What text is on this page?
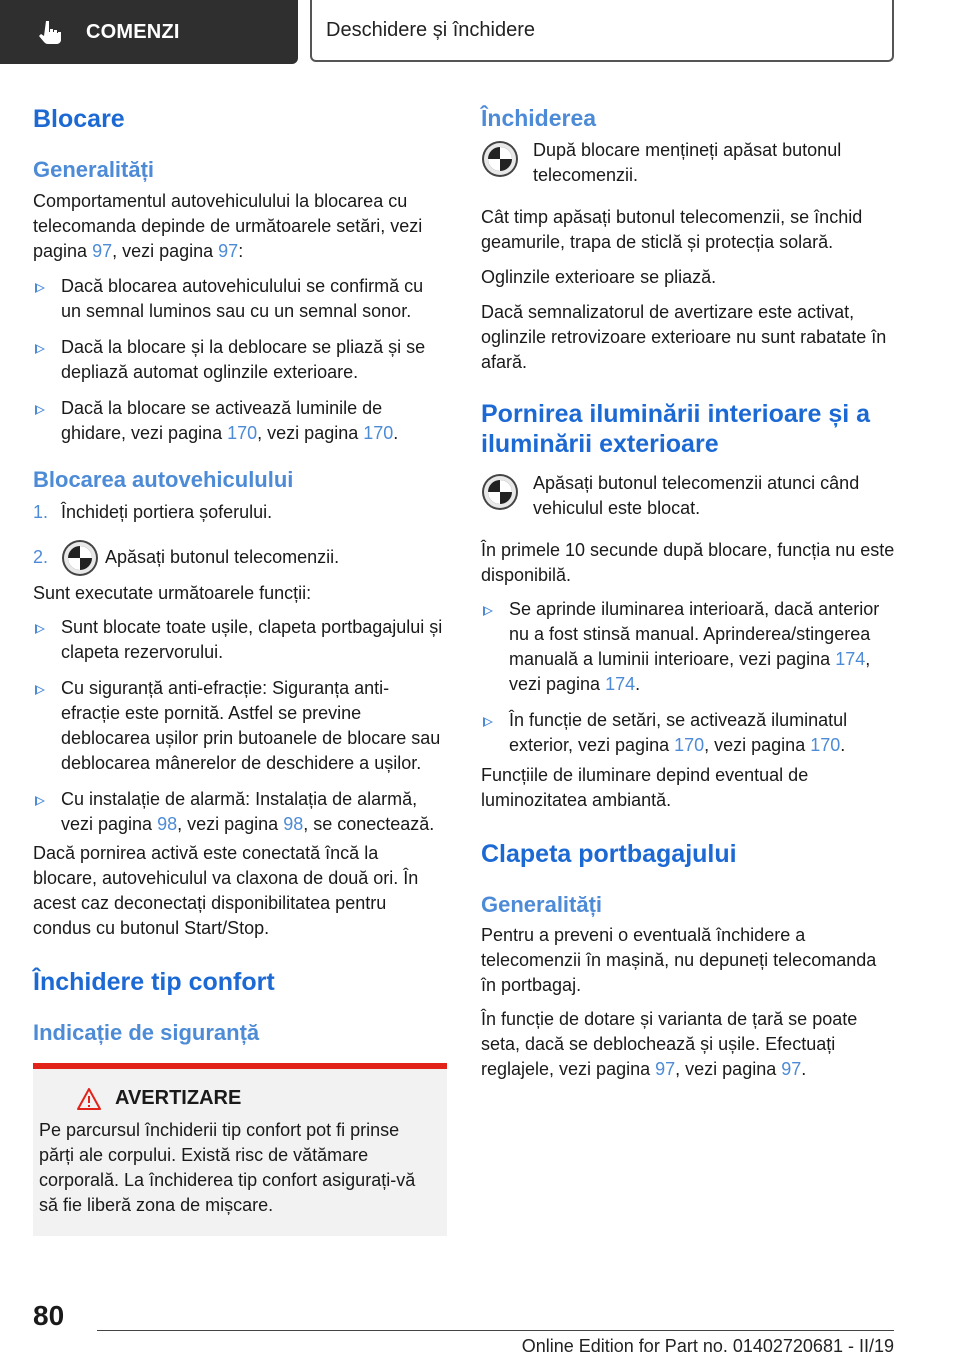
COMENZI	Deschidere și închidere
Blocare
Generalități

Comportamentul autovehiculului la blocarea cu telecomanda depinde de următoarele setări, vezi pagina 97, vezi pagina 97:

Dacă blocarea autovehiculului se confirmă cu un semnal luminos sau cu un semnal sonor.
Dacă la blocare și la deblocare se pliază și se depliază automat oglinzile exterioare.
Dacă la blocare se activează luminile de ghidare, vezi pagina 170, vezi pagina 170.
Blocarea autovehiculului
1. Închideți portiera șoferului.
2.	Apăsați butonul telecomenzii.

Sunt executate următoarele funcții:

Sunt blocate toate ușile, clapeta portbagajului și clapeta rezervorului.
Cu siguranță anti-efracție: Siguranța anti-efracție este pornită. Astfel se previne deblocarea ușilor prin butoanele de blocare sau deblocarea mânerelor de deschidere a ușilor.
Cu instalație de alarmă: Instalația de alarmă, vezi pagina 98, vezi pagina 98, se conectează.

Dacă pornirea activă este conectată încă la blocare, autovehiculul va claxona de două ori. În acest caz deconectați disponibilitatea pentru condus cu butonul Start/Stop.

Închidere tip confort
Indicație de siguranță
AVERTIZARE

Pe parcursul închiderii tip confort pot fi prinse părți ale corpului. Există risc de vătămare corporală. La închiderea tip confort asigurați-vă să fie liberă zona de mișcare.

Închiderea

După blocare mențineți apăsat butonul telecomenzii.

Cât timp apăsați butonul telecomenzii, se închid geamurile, trapa de sticlă și protecția solară.

Oglinzile exterioare se pliază.

Dacă semnalizatorul de avertizare este activat, oglinzile retrovizoare exterioare nu sunt rabatate în afară.

Pornirea iluminării interioare și a iluminării exterioare

Apăsați butonul telecomenzii atunci când vehiculul este blocat.

În primele 10 secunde după blocare, funcția nu este disponibilă.

Se aprinde iluminarea interioară, dacă anterior nu a fost stinsă manual. Aprinderea/stingerea manuală a luminii interioare, vezi pagina 174, vezi pagina 174.
În funcție de setări, se activează iluminatul exterior, vezi pagina 170, vezi pagina 170.

Funcțiile de iluminare depind eventual de luminozitatea ambiantă.

Clapeta portbagajului
Generalități

Pentru a preveni o eventuală închidere a telecomenzii în mașină, nu depuneți telecomanda în portbagaj.

În funcție de dotare și varianta de țară se poate seta, dacă se deblochează și ușile. Efectuați reglajele, vezi pagina 97, vezi pagina 97.

80
Online Edition for Part no. 01402720681 - II/19
